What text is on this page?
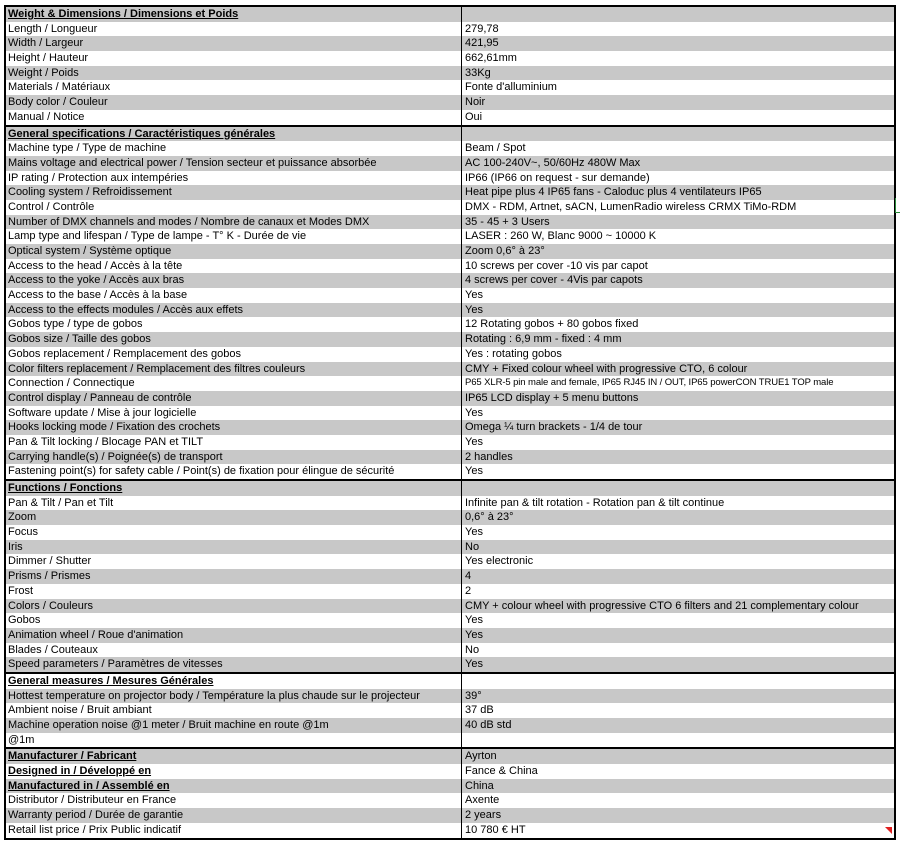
Weight & Dimensions / Dimensions et Poids
Length / Longueur	279,78
Width / Largeur	421,95
Height / Hauteur	662,61mm
Weight / Poids	33Kg
Materials / Matériaux	Fonte d'alluminium
Body color / Couleur	Noir
Manual / Notice	Oui
General specifications / Caractéristiques générales
Machine type / Type de machine	Beam / Spot
Mains voltage and electrical power / Tension secteur et puissance absorbée	AC 100-240V~, 50/60Hz 480W Max
IP rating / Protection aux intempéries	IP66 (IP66 on request - sur demande)
Cooling system / Refroidissement	Heat pipe plus 4 IP65 fans - Caloduc plus 4 ventilateurs IP65
Control / Contrôle	DMX - RDM, Artnet, sACN, LumenRadio wireless CRMX TiMo-RDM
Number of DMX channels and modes / Nombre de canaux et Modes DMX	35 - 45 + 3 Users
Lamp type and lifespan / Type de lampe - T° K - Durée de vie	LASER : 260 W, Blanc 9000 ~ 10000 K
Optical system / Système optique	Zoom 0,6° à 23°
Access to the head / Accès à la tête	10 screws per cover -10 vis par capot
Access to the yoke / Accès aux bras	4 screws per cover - 4Vis par capots
Access to the base / Accès à la base	Yes
Access to the effects modules / Accès aux effets	Yes
Gobos type / type de gobos	12 Rotating gobos + 80 gobos fixed
Gobos size / Taille des gobos	Rotating : 6,9 mm - fixed : 4 mm
Gobos replacement / Remplacement des gobos	Yes : rotating gobos
Color filters replacement / Remplacement des filtres couleurs	CMY + Fixed colour wheel with progressive CTO, 6 colour
Connection / Connectique	P65 XLR-5 pin male and female, IP65 RJ45 IN / OUT, IP65 powerCON TRUE1 TOP male
Control display / Panneau de contrôle	IP65 LCD display + 5 menu buttons
Software update / Mise à jour logicielle	Yes
Hooks locking mode / Fixation des crochets	Omega ¼ turn brackets - 1/4 de tour
Pan & Tilt locking / Blocage PAN et TILT	Yes
Carrying handle(s) / Poignée(s) de transport	2 handles
Fastening point(s) for safety cable / Point(s) de fixation pour élingue de sécurité	Yes
Functions / Fonctions
Pan & Tilt / Pan et Tilt	Infinite pan & tilt rotation - Rotation pan & tilt continue
Zoom	0,6° à 23°
Focus	Yes
Iris	No
Dimmer / Shutter	Yes electronic
Prisms / Prismes	4
Frost	2
Colors / Couleurs	CMY + colour wheel with progressive CTO 6 filters and 21 complementary colour
Gobos	Yes
Animation wheel / Roue d'animation	Yes
Blades / Couteaux	No
Speed parameters / Paramètres de vitesses	Yes
General measures / Mesures Générales
Hottest temperature on projector body / Température la plus chaude sur le projecteur	39°
Ambient noise / Bruit ambiant	37 dB
Machine operation noise @1 meter / Bruit machine en route @1m	40 dB std
@1m
Manufacturer / Fabricant	Ayrton
Designed in / Développé en	Fance & China
Manufactured in / Assemblé en	China
Distributor / Distributeur en France	Axente
Warranty period / Durée de garantie	2 years
Retail list price / Prix Public indicatif	10 780 € HT
